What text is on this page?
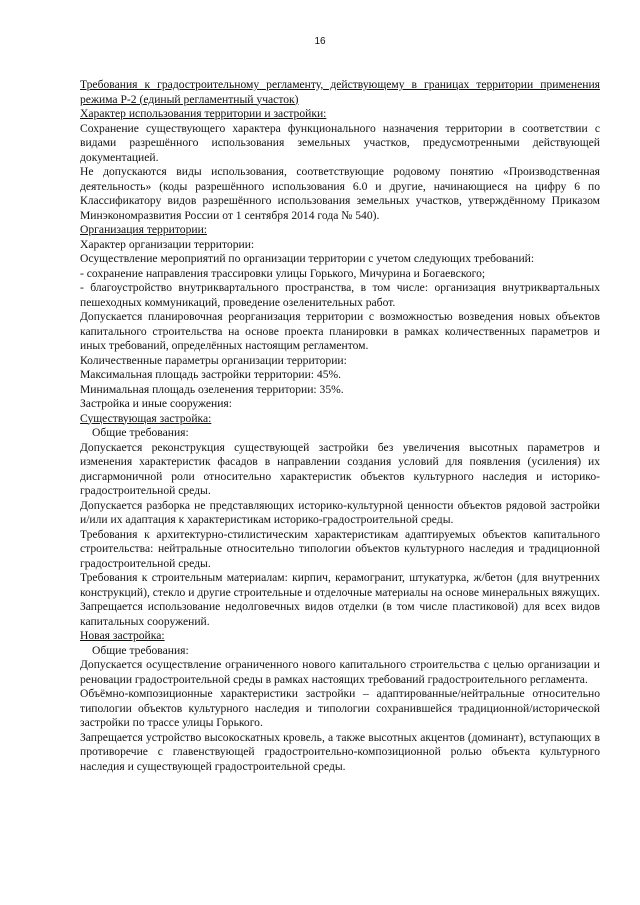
16

Требования к градостроительному регламенту, действующему в границах территории применения режима Р-2 (единый регламентный участок)

Характер использования территории и застройки:

Сохранение существующего характера функционального назначения территории в соответствии с видами разрешённого использования земельных участков, предусмотренными действующей документацией.

Не допускаются виды использования, соответствующие родовому понятию «Производственная деятельность» (коды разрешённого использования 6.0 и другие, начинающиеся на цифру 6 по Классификатору видов разрешённого использования земельных участков, утверждённому Приказом Минэкономразвития России от 1 сентября 2014 года № 540).

Организация территории:

Характер организации территории:

Осуществление мероприятий по организации территории с учетом следующих требований:

- сохранение направления трассировки улицы Горького, Мичурина и Богаевского;

- благоустройство внутриквартального пространства, в том числе: организация внутриквартальных пешеходных коммуникаций, проведение озеленительных работ.

Допускается планировочная реорганизация территории с возможностью возведения новых объектов капитального строительства на основе проекта планировки в рамках количественных параметров и иных требований, определённых настоящим регламентом.

Количественные параметры организации территории:

Максимальная площадь застройки территории: 45%.

Минимальная площадь озеленения территории: 35%.

Застройка и иные сооружения:

Существующая застройка:

Общие требования:

Допускается реконструкция существующей застройки без увеличения высотных параметров и изменения характеристик фасадов в направлении создания условий для появления (усиления) их дисгармоничной роли относительно характеристик объектов культурного наследия и историко-градостроительной среды.

Допускается разборка не представляющих историко-культурной ценности объектов рядовой застройки и/или их адаптация к характеристикам историко-градостроительной среды.

Требования к архитектурно-стилистическим характеристикам адаптируемых объектов капитального строительства: нейтральные относительно типологии объектов культурного наследия и традиционной градостроительной среды.

Требования к строительным материалам: кирпич, керамогранит, штукатурка, ж/бетон (для внутренних конструкций), стекло и другие строительные и отделочные материалы на основе минеральных вяжущих.

Запрещается использование недолговечных видов отделки (в том числе пластиковой) для всех видов капитальных сооружений.

Новая застройка:

Общие требования:

Допускается осуществление ограниченного нового капитального строительства с целью организации и реновации градостроительной среды в рамках настоящих требований градостроительного регламента.

Объёмно-композиционные характеристики застройки – адаптированные/нейтральные относительно типологии объектов культурного наследия и типологии сохранившейся традиционной/исторической застройки по трассе улицы Горького.

Запрещается устройство высокоскатных кровель, а также высотных акцентов (доминант), вступающих в противоречие с главенствующей градостроительно-композиционной ролью объекта культурного наследия и существующей градостроительной среды.
